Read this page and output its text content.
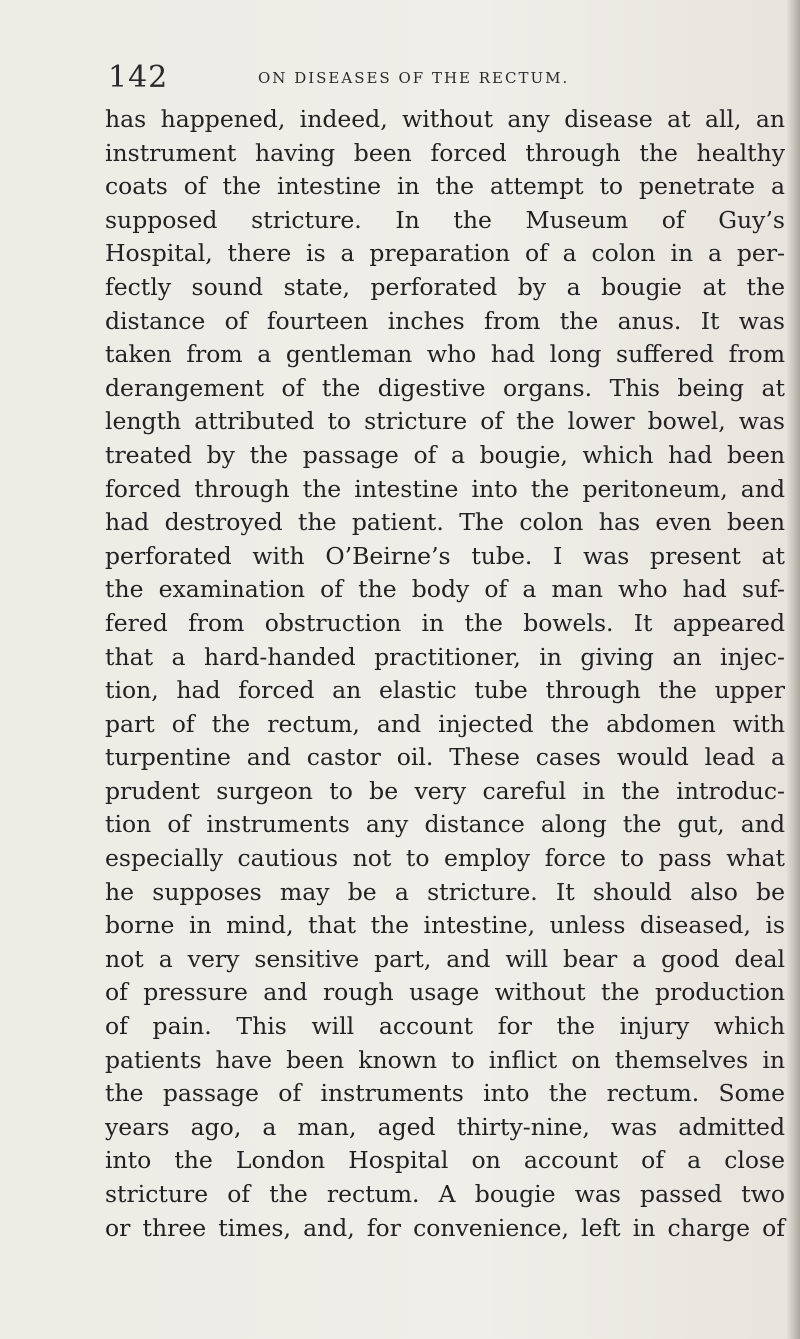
142	ON DISEASES OF THE RECTUM.
has happened, indeed, without any disease at all, an
instrument having been forced through the healthy
coats of the intestine in the attempt to penetrate a
supposed stricture. In the Museum of Guy’s
Hospital, there is a preparation of a colon in a per-
fectly sound state, perforated by a bougie at the
distance of fourteen inches from the anus. It was
taken from a gentleman who had long suffered from
derangement of the digestive organs. This being at
length attributed to stricture of the lower bowel, was
treated by the passage of a bougie, which had been
forced through the intestine into the peritoneum, and
had destroyed the patient. The colon has even been
perforated with O’Beirne’s tube. I was present at
the examination of the body of a man who had suf-
fered from obstruction in the bowels. It appeared
that a hard-handed practitioner, in giving an injec-
tion, had forced an elastic tube through the upper
part of the rectum, and injected the abdomen with
turpentine and castor oil. These cases would lead a
prudent surgeon to be very careful in the introduc-
tion of instruments any distance along the gut, and
especially cautious not to employ force to pass what
he supposes may be a stricture. It should also be
borne in mind, that the intestine, unless diseased, is
not a very sensitive part, and will bear a good deal
of pressure and rough usage without the production
of pain. This will account for the injury which
patients have been known to inflict on themselves in
the passage of instruments into the rectum. Some
years ago, a man, aged thirty-nine, was admitted
into the London Hospital on account of a close
stricture of the rectum. A bougie was passed two
or three times, and, for convenience, left in charge of
